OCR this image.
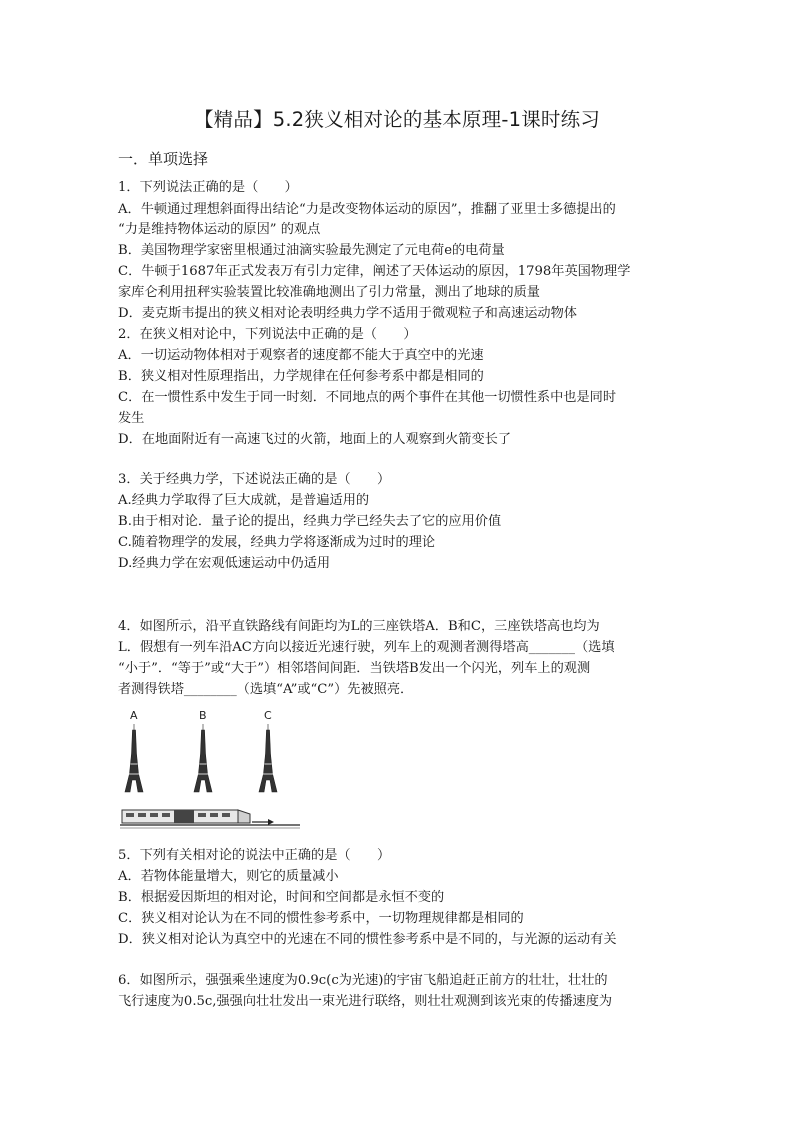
【精品】5.2狭义相对论的基本原理-1课时练习
一．单项选择
1．下列说法正确的是（　　）
A．牛顿通过理想斜面得出结论“力是改变物体运动的原因”，推翻了亚里士多德提出的
“力是维持物体运动的原因” 的观点
B．美国物理学家密里根通过油滴实验最先测定了元电荷e的电荷量
C．牛顿于1687年正式发表万有引力定律，阐述了天体运动的原因，1798年英国物理学
家库仑利用扭秤实验装置比较准确地测出了引力常量，测出了地球的质量
D．麦克斯韦提出的狭义相对论表明经典力学不适用于微观粒子和高速运动物体
2．在狭义相对论中，下列说法中正确的是（　　）
A．一切运动物体相对于观察者的速度都不能大于真空中的光速
B．狭义相对性原理指出，力学规律在任何参考系中都是相同的
C．在一惯性系中发生于同一时刻．不同地点的两个事件在其他一切惯性系中也是同时
发生
D．在地面附近有一高速飞过的火箭，地面上的人观察到火箭变长了
3．关于经典力学，下述说法正确的是（　　）
A.经典力学取得了巨大成就，是普遍适用的
B.由于相对论．量子论的提出，经典力学已经失去了它的应用价值
C.随着物理学的发展，经典力学将逐渐成为过时的理论
D.经典力学在宏观低速运动中仍适用
4．如图所示，沿平直铁路线有间距均为L的三座铁塔A．B和C，三座铁塔高也均为
L．假想有一列车沿AC方向以接近光速行驶，列车上的观测者测得塔高_______（选填
“小于”．“等于”或“大于”）相邻塔间间距．当铁塔B发出一个闪光，列车上的观测
者测得铁塔________（选填“A”或“C”）先被照亮．
A	B	C
5．下列有关相对论的说法中正确的是（　　）
A．若物体能量增大，则它的质量减小
B．根据爱因斯坦的相对论，时间和空间都是永恒不变的
C．狭义相对论认为在不同的惯性参考系中，一切物理规律都是相同的
D．狭义相对论认为真空中的光速在不同的惯性参考系中是不同的，与光源的运动有关
6．如图所示，强强乘坐速度为0.9c(c为光速)的宇宙飞船追赶正前方的壮壮，壮壮的
飞行速度为0.5c,强强向壮壮发出一束光进行联络，则壮壮观测到该光束的传播速度为
